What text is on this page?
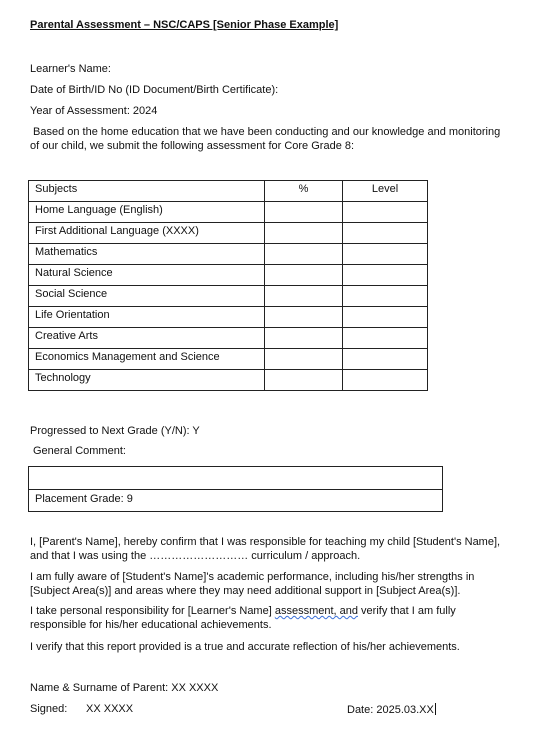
Parental Assessment – NSC/CAPS [Senior Phase Example]
Learner's Name:
Date of Birth/ID No (ID Document/Birth Certificate):
Year of Assessment: 2024
Based on the home education that we have been conducting and our knowledge and monitoring of our child, we submit the following assessment for Core Grade 8:
Subjects	%	Level
Home Language (English)		
First Additional Language (XXXX)		
Mathematics		
Natural Science		
Social Science		
Life Orientation		
Creative Arts		
Economics Management and Science		
Technology		
Progressed to Next Grade (Y/N): Y
General Comment:
Placement Grade: 9
I, [Parent's Name], hereby confirm that I was responsible for teaching my child [Student's Name], and that I was using the ……………………… curriculum / approach.
I am fully aware of [Student's Name]'s academic performance, including his/her strengths in [Subject Area(s)] and areas where they may need additional support in [Subject Area(s)].
I take personal responsibility for [Learner's Name] assessment, and verify that I am fully responsible for his/her educational achievements.
I verify that this report provided is a true and accurate reflection of his/her achievements.
Name & Surname of Parent: XX XXXX
Signed: XX XXXX	Date: 2025.03.XX
